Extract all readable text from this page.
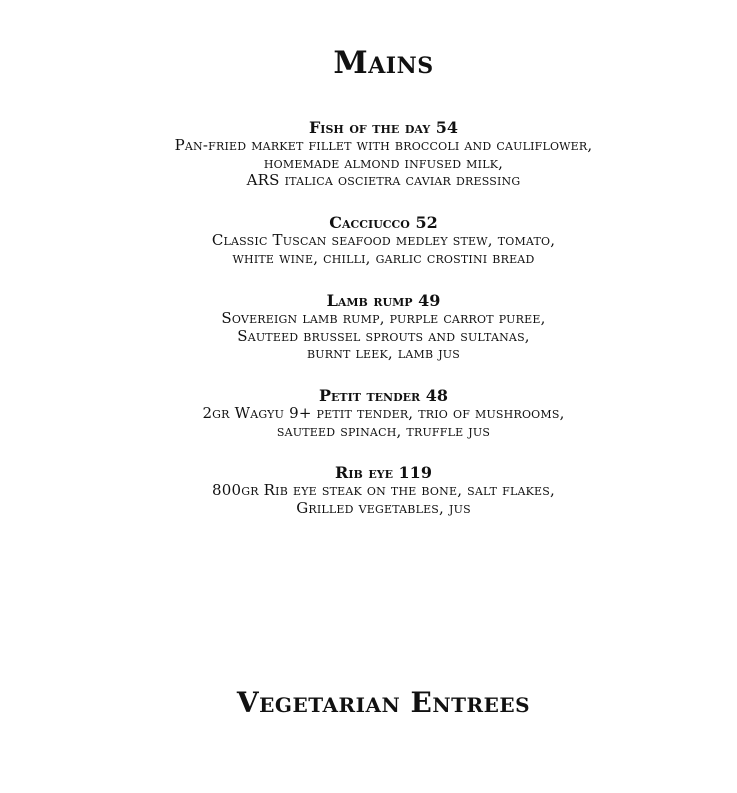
Mains

Fish of the day 54

Pan-fried market fillet with broccoli and cauliflower,

homemade almond infused milk,

ARS italica oscietra caviar dressing

Cacciucco 52

Classic Tuscan seafood medley stew, tomato,

white wine, chilli, garlic crostini bread

Lamb rump 49

Sovereign lamb rump, purple carrot puree,

Sauteed brussel sprouts and sultanas,

burnt leek, lamb jus

Petit tender 48

2gr Wagyu 9+ petit tender, trio of mushrooms,

sauteed spinach, truffle jus

Rib eye 119

800gr Rib eye steak on the bone, salt flakes,

Grilled vegetables, jus

Vegetarian Entrees
